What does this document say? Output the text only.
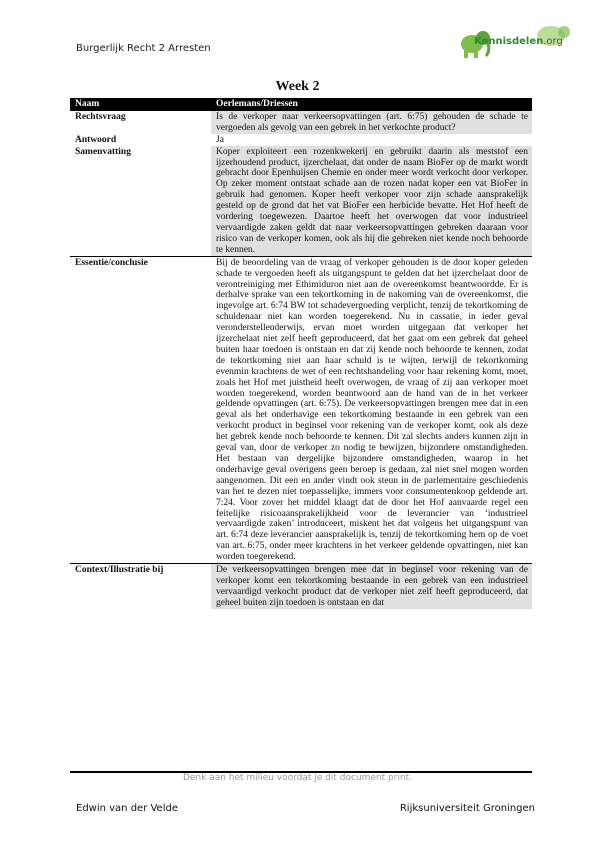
Burgerlijk Recht 2 Arresten
Kennisdelen.org
Week 2
Naam	Oerlemans/Driessen
Rechtsvraag	Is de verkoper naar verkeersopvattingen (art. 6:75) gehouden de schade te vergoeden als gevolg van een gebrek in het verkochte product?
Antwoord	Ja
Samenvatting	Koper exploiteert een rozenkwekerij en gebruikt daarin als meststof een ijzerhoudend product, ijzerchelaat, dat onder de naam BioFer op de markt wordt gebracht door Epenhuijsen Chemie en onder meer wordt verkocht door verkoper. Op zeker moment ontstaat schade aan de rozen nadat koper een vat BioFer in gebruik had genomen. Koper heeft verkoper voor zijn schade aansprakelijk gesteld op de grond dat het vat BioFer een herbicide bevatte. Het Hof heeft de vordering toegewezen. Daartoe heeft het overwogen dat voor industrieel vervaardigde zaken geldt dat naar verkeersopvattingen gebreken daaraan voor risico van de verkoper komen, ook als hij die gebreken niet kende noch behoorde te kennen.
Essentie/conclusie	Bij de beoordeling van de vraag of verkoper gehouden is de door koper geleden schade te vergoeden heeft als uitgangspunt te gelden dat het ijzerchelaat door de verontreiniging met Ethimiduron niet aan de overeenkomst beantwoordde. Er is derhalve sprake van een tekortkoming in de nakoming van de overeenkomst, die ingevolge art. 6:74 BW tot schadevergoeding verplicht, tenzij de tekortkoming de schuldenaar niet kan worden toegerekend. Nu in cassatie, in ieder geval veronderstellenderwijs, ervan moet worden uitgegaan dat verkoper het ijzerchelaat niet zelf heeft geproduceerd, dat het gaat om een gebrek dat geheel buiten haar toedoen is ontstaan en dat zij kende noch behoorde te kennen, zodat de tekortkoming niet aan haar schuld is te wijten, terwijl de tekortkoming evenmin krachtens de wet of een rechtshandeling voor haar rekening komt, moet, zoals het Hof met juistheid heeft overwogen, de vraag of zij aan verkoper moet worden toegerekend, worden beantwoord aan de hand van de in het verkeer geldende opvattingen (art. 6:75). De verkeersopvattingen brengen mee dat in een geval als het onderhavige een tekortkoming bestaande in een gebrek van een verkocht product in beginsel voor rekening van de verkoper komt, ook als deze het gebrek kende noch behoorde te kennen. Dit zal slechts anders kunnen zijn in geval van, door de verkoper zo nodig te bewijzen, bijzondere omstandigheden. Het bestaan van dergelijke bijzondere omstandigheden, waarop in het onderhavige geval overigens geen beroep is gedaan, zal niet snel mogen worden aangenomen. Dit een en ander vindt ook steun in de parlementaire geschiedenis van het te dezen niet toepasselijke, immers voor consumentenkoop geldende art. 7:24. Voor zover het middel klaagt dat de door het Hof aanvaarde regel een feitelijke risicoaansprakelijkheid voor de leverancier van ‘industrieel vervaardigde zaken’ introduceert, miskent het dat volgens het uitgangspunt van art. 6:74 deze leverancier aansprakelijk is, tenzij de tekortkoming hem op de voet van art. 6:75, onder meer krachtens in het verkeer geldende opvattingen, niet kan worden toegerekend.
Context/Illustratie bij	De verkeersopvattingen brengen mee dat in beginsel voor rekening van de verkoper komt een tekortkoming bestaande in een gebrek van een industrieel vervaardigd verkocht product dat de verkoper niet zelf heeft geproduceerd, dat geheel buiten zijn toedoen is ontstaan en dat
Denk aan het milieu voordat je dit document print.
Edwin van der Velde	Rijksuniversiteit Groningen
